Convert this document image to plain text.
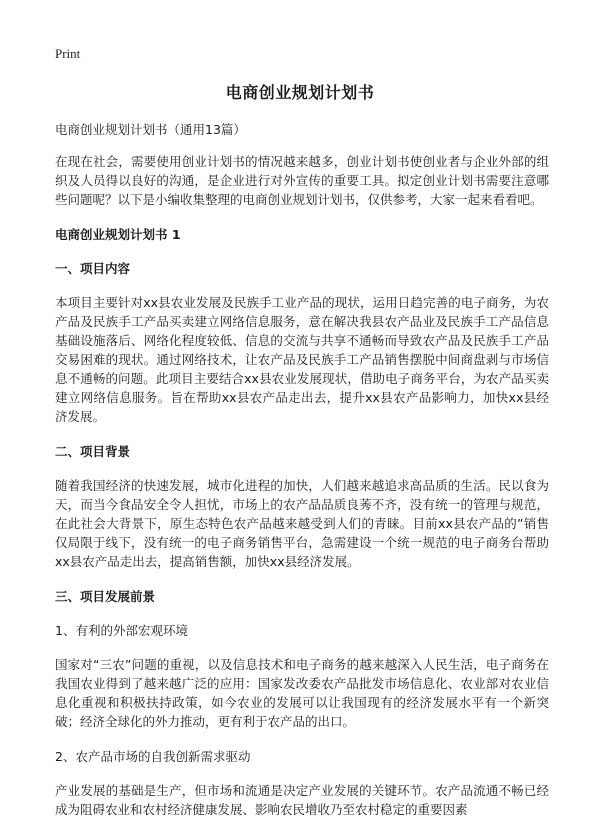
Print
电商创业规划计划书

电商创业规划计划书（通用13篇）

在现在社会，需要使用创业计划书的情况越来越多，创业计划书使创业者与企业外部的组织及人员得以良好的沟通，是企业进行对外宣传的重要工具。拟定创业计划书需要注意哪些问题呢？以下是小编收集整理的电商创业规划计划书，仅供参考，大家一起来看看吧。

电商创业规划计划书 1
一、项目内容

本项目主要针对xx县农业发展及民族手工业产品的现状，运用日趋完善的电子商务，为农产品及民族手工产品买卖建立网络信息服务，意在解决我县农产品业及民族手工产品信息基础设施落后、网络化程度较低、信息的交流与共享不通畅而导致农产品及民族手工产品交易困难的现状。通过网络技术，让农产品及民族手工产品销售摆脱中间商盘剥与市场信息不通畅的问题。此项目主要结合xx县农业发展现状，借助电子商务平台，为农产品买卖建立网络信息服务。旨在帮助xx县农产品走出去，提升xx县农产品影响力，加快xx县经济发展。

二、项目背景

随着我国经济的快速发展，城市化进程的加快，人们越来越追求高品质的生活。民以食为天，而当今食品安全令人担忧，市场上的农产品品质良莠不齐，没有统一的管理与规范，在此社会大背景下，原生态特色农产品越来越受到人们的青睐。目前xx县农产品的”销售仅局限于线下，没有统一的电子商务销售平台，急需建设一个统一规范的电子商务台帮助xx县农产品走出去，提高销售额，加快xx县经济发展。

三、项目发展前景

1、有利的外部宏观环境

国家对“三农”问题的重视，以及信息技术和电子商务的越来越深入人民生活，电子商务在我国农业得到了越来越广泛的应用：国家发改委农产品批发市场信息化、农业部对农业信息化重视和积极扶持政策，如今农业的发展可以让我国现有的经济发展水平有一个新突破；经济全球化的外力推动，更有利于农产品的出口。

2、农产品市场的自我创新需求驱动

产业发展的基础是生产，但市场和流通是决定产业发展的关键环节。农产品流通不畅已经成为阻碍农业和农村经济健康发展、影响农民增收乃至农村稳定的重要因素
